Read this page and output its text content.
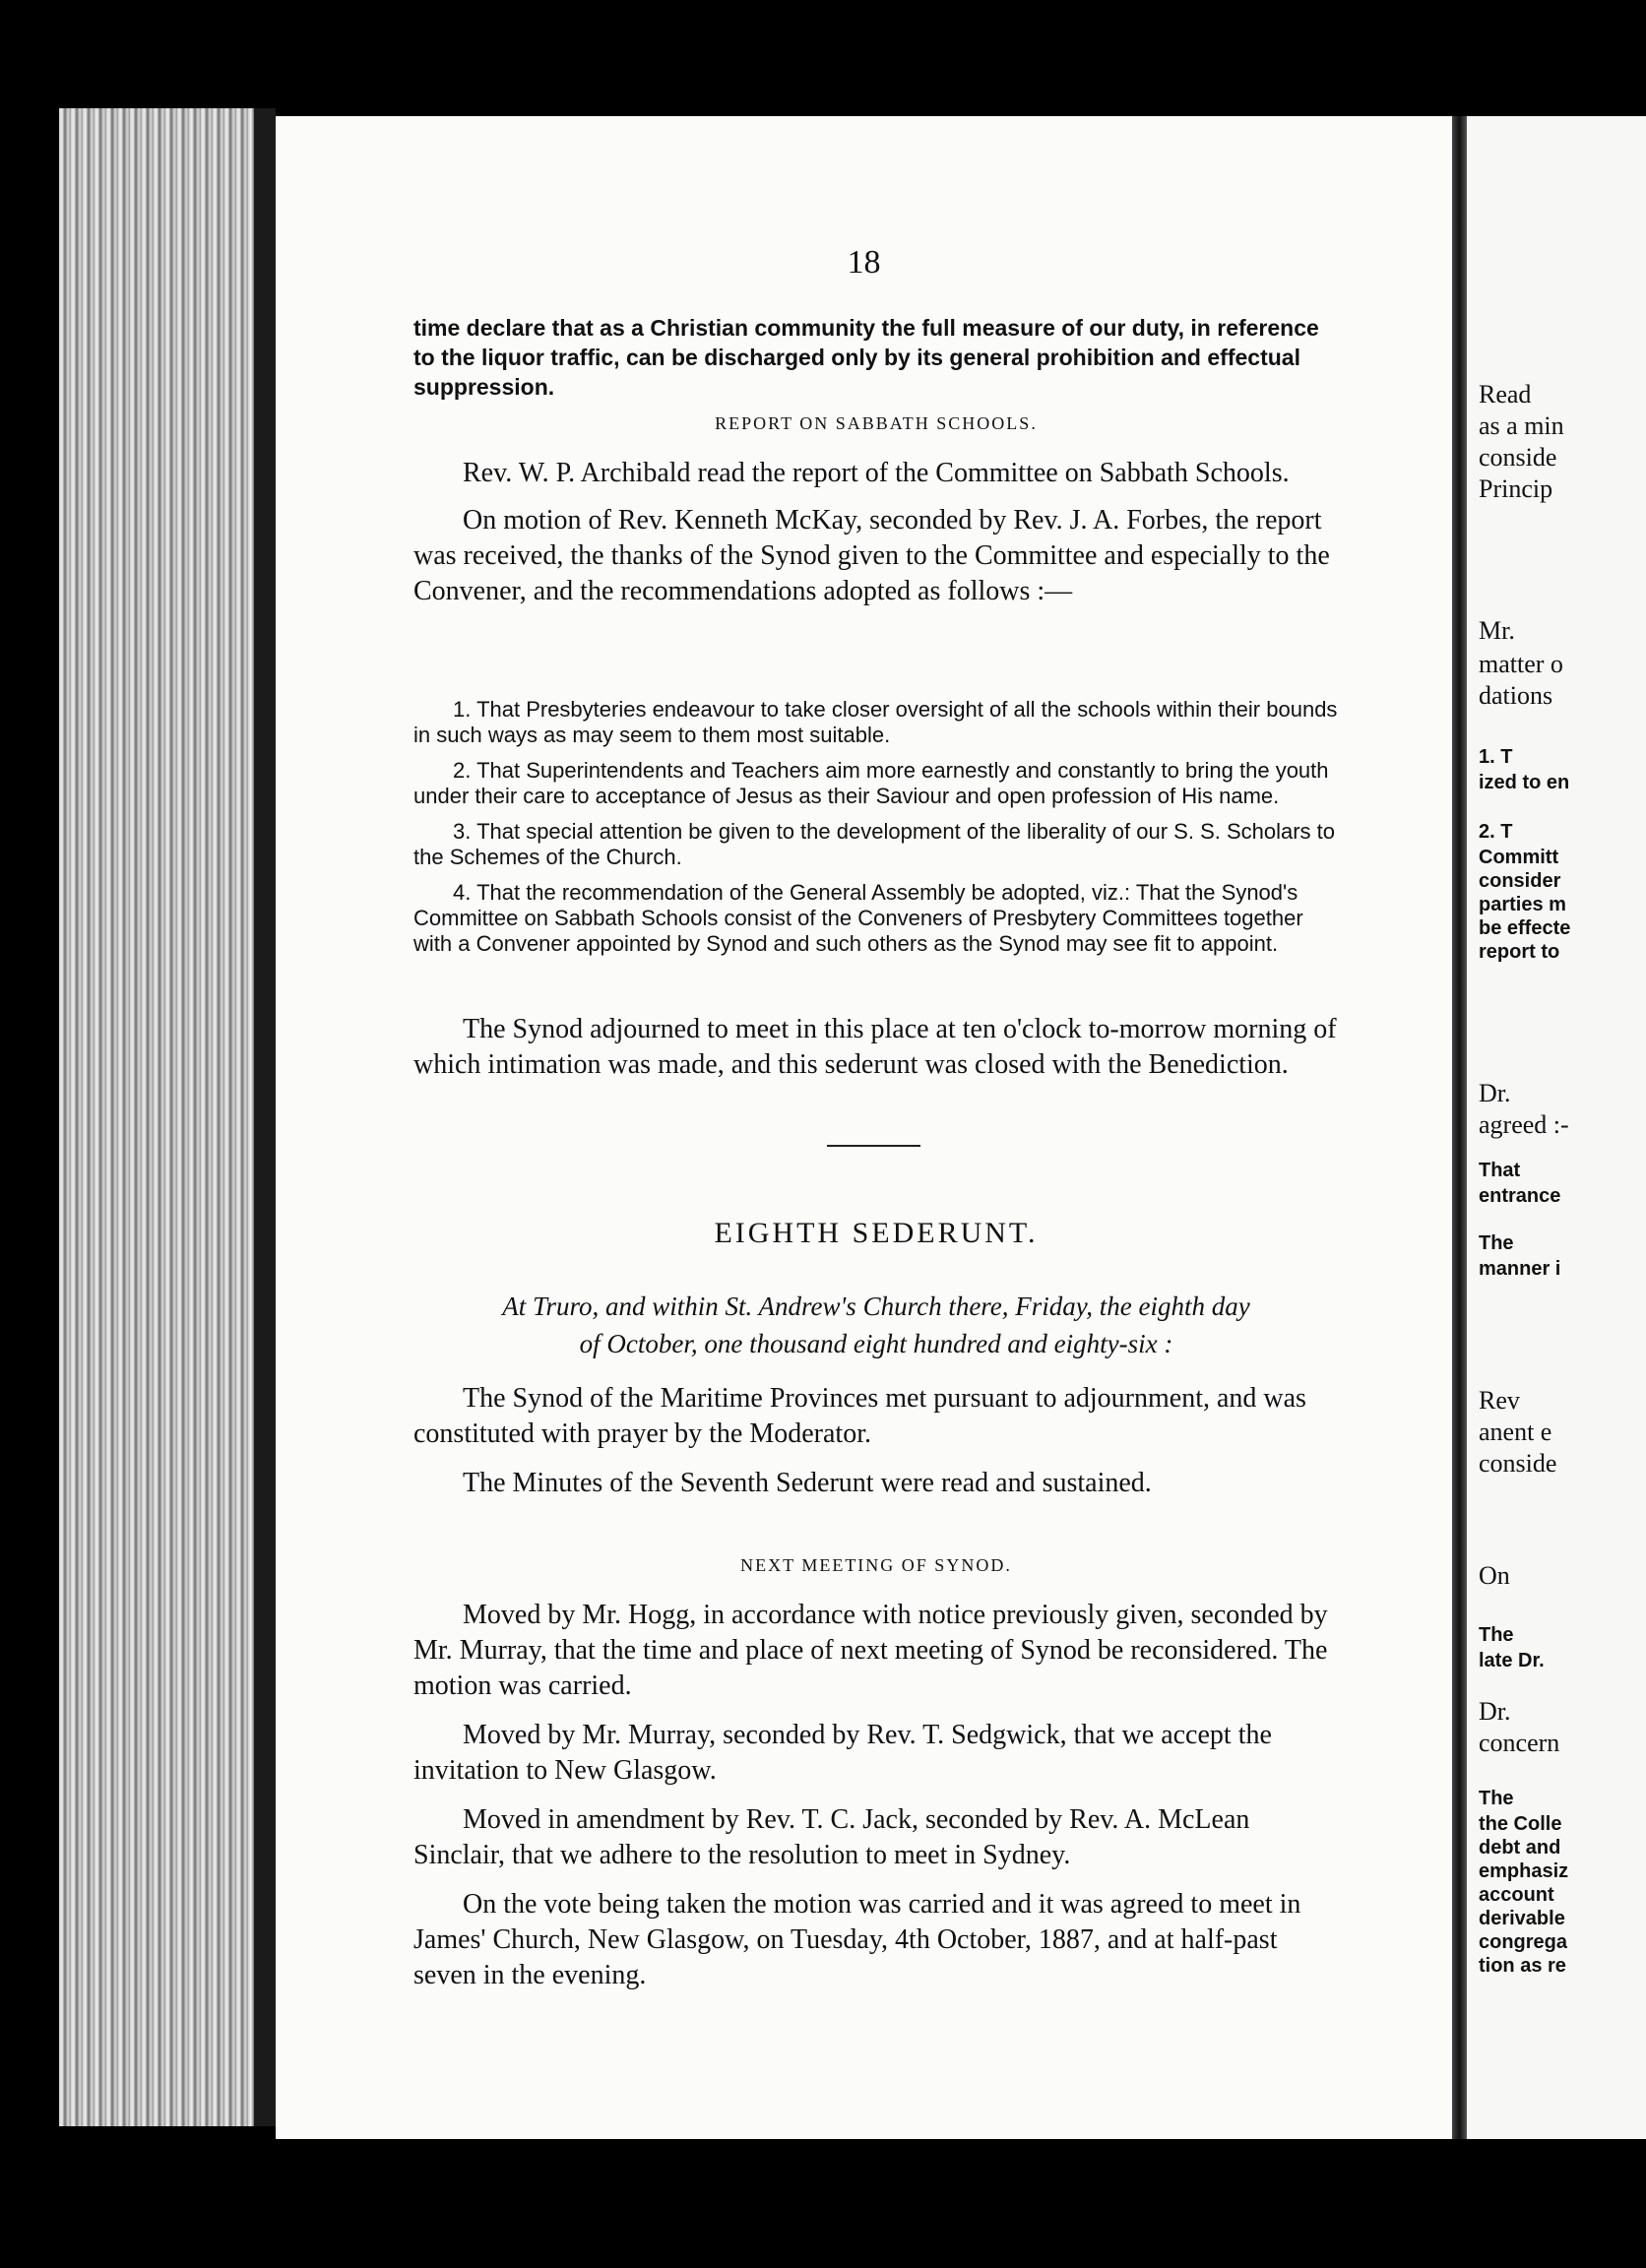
18
time declare that as a Christian community the full measure of our duty, in reference to the liquor traffic, can be discharged only by its general prohibition and effectual suppression.
REPORT ON SABBATH SCHOOLS.

Rev. W. P. Archibald read the report of the Committee on Sabbath Schools.

On motion of Rev. Kenneth McKay, seconded by Rev. J. A. Forbes, the report was received, the thanks of the Synod given to the Committee and especially to the Convener, and the recommendations adopted as follows :—

1. That Presbyteries endeavour to take closer oversight of all the schools within their bounds in such ways as may seem to them most suitable.

2. That Superintendents and Teachers aim more earnestly and constantly to bring the youth under their care to acceptance of Jesus as their Saviour and open profession of His name.

3. That special attention be given to the development of the liberality of our S. S. Scholars to the Schemes of the Church.

4. That the recommendation of the General Assembly be adopted, viz.: That the Synod's Committee on Sabbath Schools consist of the Conveners of Presbytery Committees together with a Convener appointed by Synod and such others as the Synod may see fit to appoint.

The Synod adjourned to meet in this place at ten o'clock to-morrow morning of which intimation was made, and this sederunt was closed with the Benediction.

EIGHTH SEDERUNT.

At Truro, and within St. Andrew's Church there, Friday, the eighth day

of October, one thousand eight hundred and eighty-six :

The Synod of the Maritime Provinces met pursuant to adjournment, and was constituted with prayer by the Moderator.

The Minutes of the Seventh Sederunt were read and sustained.

NEXT MEETING OF SYNOD.

Moved by Mr. Hogg, in accordance with notice previously given, seconded by Mr. Murray, that the time and place of next meeting of Synod be reconsidered. The motion was carried.

Moved by Mr. Murray, seconded by Rev. T. Sedgwick, that we accept the invitation to New Glasgow.

Moved in amendment by Rev. T. C. Jack, seconded by Rev. A. McLean Sinclair, that we adhere to the resolution to meet in Sydney.

On the vote being taken the motion was carried and it was agreed to meet in James' Church, New Glasgow, on Tuesday, 4th October, 1887, and at half-past seven in the evening.

Read
as a min
conside
Princip
Mr.
matter o
dations
1. T
ized to en
2. T
Committ
consider
parties m
be effecte
report to
Dr.
agreed :-
That
entrance
The
manner i
Rev
anent e
conside
On
The
late Dr.
Dr.
concern
The
the Colle
debt and
emphasiz
account
derivable
congrega
tion as re
